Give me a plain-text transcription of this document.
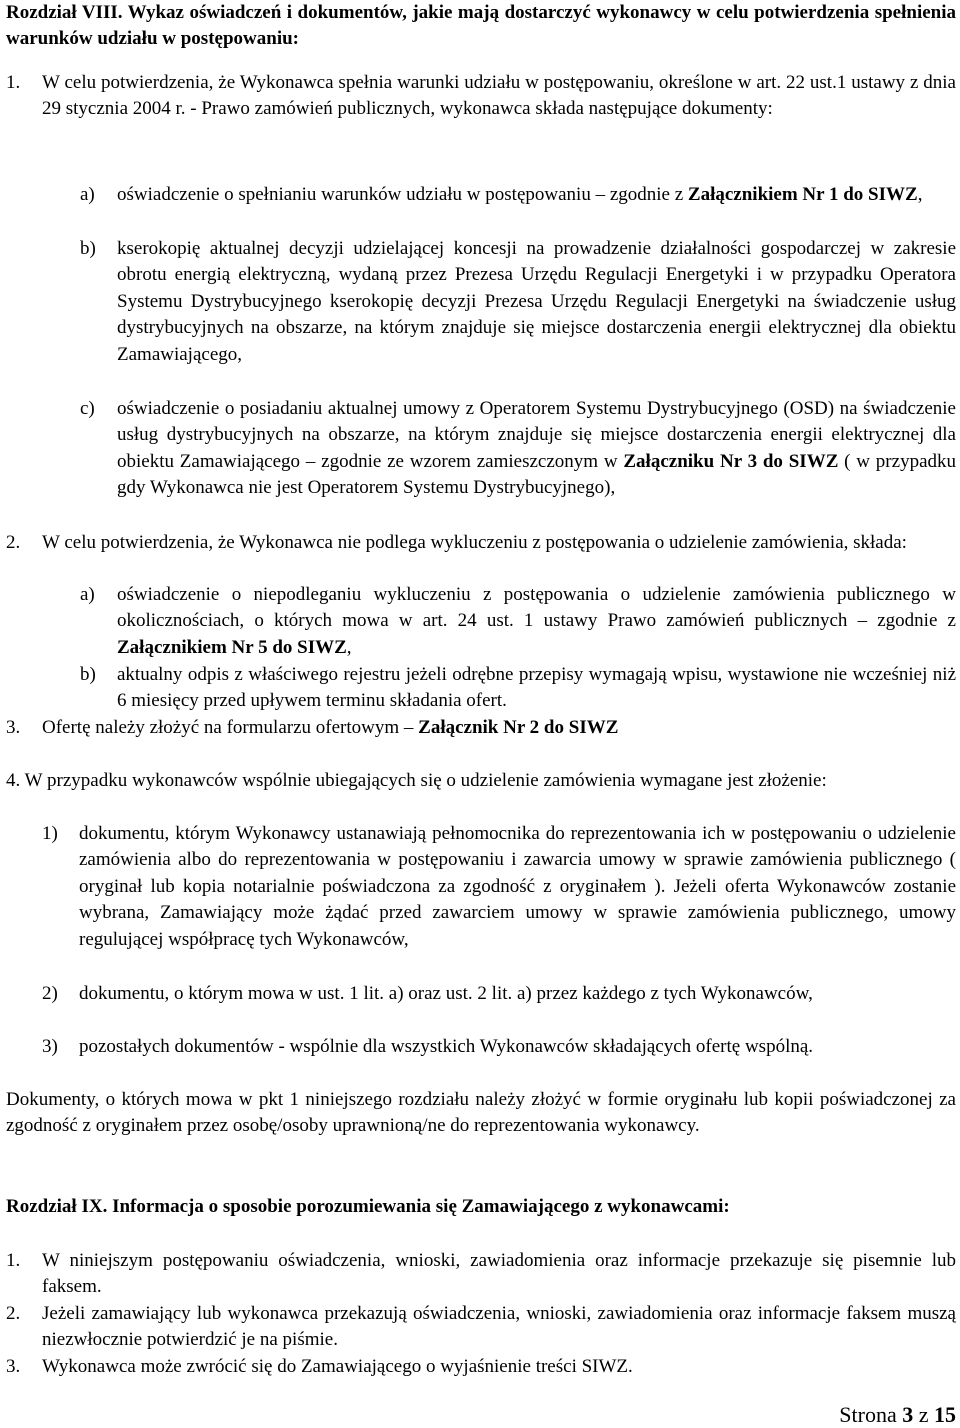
Rozdział VIII. Wykaz oświadczeń i dokumentów, jakie mają dostarczyć wykonawcy w celu potwierdzenia spełnienia warunków udziału w postępowaniu:

1. W celu potwierdzenia, że Wykonawca spełnia warunki udziału w postępowaniu, określone w art. 22 ust.1 ustawy z dnia 29 stycznia 2004 r. - Prawo zamówień publicznych, wykonawca składa następujące dokumenty:

a)	oświadczenie o spełnianiu warunków udziału w postępowaniu – zgodnie z Załącznikiem Nr 1 do SIWZ,
b)	kserokopię aktualnej decyzji udzielającej koncesji na prowadzenie działalności gospodarczej w zakresie obrotu energią elektryczną, wydaną przez Prezesa Urzędu Regulacji Energetyki i w przypadku Operatora Systemu Dystrybucyjnego kserokopię decyzji Prezesa Urzędu Regulacji Energetyki na świadczenie usług dystrybucyjnych na obszarze, na którym znajduje się miejsce dostarczenia energii elektrycznej dla obiektu Zamawiającego,
c)	oświadczenie o posiadaniu aktualnej umowy z Operatorem Systemu Dystrybucyjnego (OSD) na świadczenie usług dystrybucyjnych na obszarze, na którym znajduje się miejsce dostarczenia energii elektrycznej dla obiektu Zamawiającego – zgodnie ze wzorem zamieszczonym w Załączniku Nr 3 do SIWZ ( w przypadku gdy Wykonawca nie jest Operatorem Systemu Dystrybucyjnego),

2. W celu potwierdzenia, że Wykonawca nie podlega wykluczeniu z postępowania o udzielenie zamówienia, składa:

a)	oświadczenie o niepodleganiu wykluczeniu z postępowania o udzielenie zamówienia publicznego w okolicznościach, o których mowa w art. 24 ust. 1 ustawy Prawo zamówień publicznych – zgodnie z Załącznikiem Nr 5 do SIWZ,
b)	aktualny odpis z właściwego rejestru jeżeli odrębne przepisy wymagają wpisu, wystawione nie wcześniej niż 6 miesięcy przed upływem terminu składania ofert.

3. Ofertę należy złożyć na formularzu ofertowym – Załącznik Nr 2 do SIWZ

4. W przypadku wykonawców wspólnie ubiegających się o udzielenie zamówienia wymagane jest złożenie:

1)	dokumentu, którym Wykonawcy ustanawiają pełnomocnika do reprezentowania ich w postępowaniu o udzielenie zamówienia albo do reprezentowania w postępowaniu i zawarcia umowy w sprawie zamówienia publicznego ( oryginał lub kopia notarialnie poświadczona za zgodność z oryginałem ). Jeżeli oferta Wykonawców zostanie wybrana, Zamawiający może żądać przed zawarciem umowy w sprawie zamówienia publicznego, umowy regulującej współpracę tych Wykonawców,
2)	dokumentu, o którym mowa w ust. 1 lit. a) oraz ust. 2 lit. a) przez każdego z tych Wykonawców,
3)	pozostałych dokumentów - wspólnie dla wszystkich Wykonawców składających ofertę wspólną.

Dokumenty, o których mowa w pkt 1 niniejszego rozdziału należy złożyć w formie oryginału lub kopii poświadczonej za zgodność z oryginałem przez osobę/osoby uprawnioną/ne do reprezentowania wykonawcy.

Rozdział IX. Informacja o sposobie porozumiewania się Zamawiającego z wykonawcami:

1. W niniejszym postępowaniu oświadczenia, wnioski, zawiadomienia oraz informacje przekazuje się pisemnie lub faksem.

2. Jeżeli zamawiający lub wykonawca przekazują oświadczenia, wnioski, zawiadomienia oraz informacje faksem muszą niezwłocznie potwierdzić je na piśmie.

3. Wykonawca może zwrócić się do Zamawiającego o wyjaśnienie treści SIWZ.

Strona 3 z 15
